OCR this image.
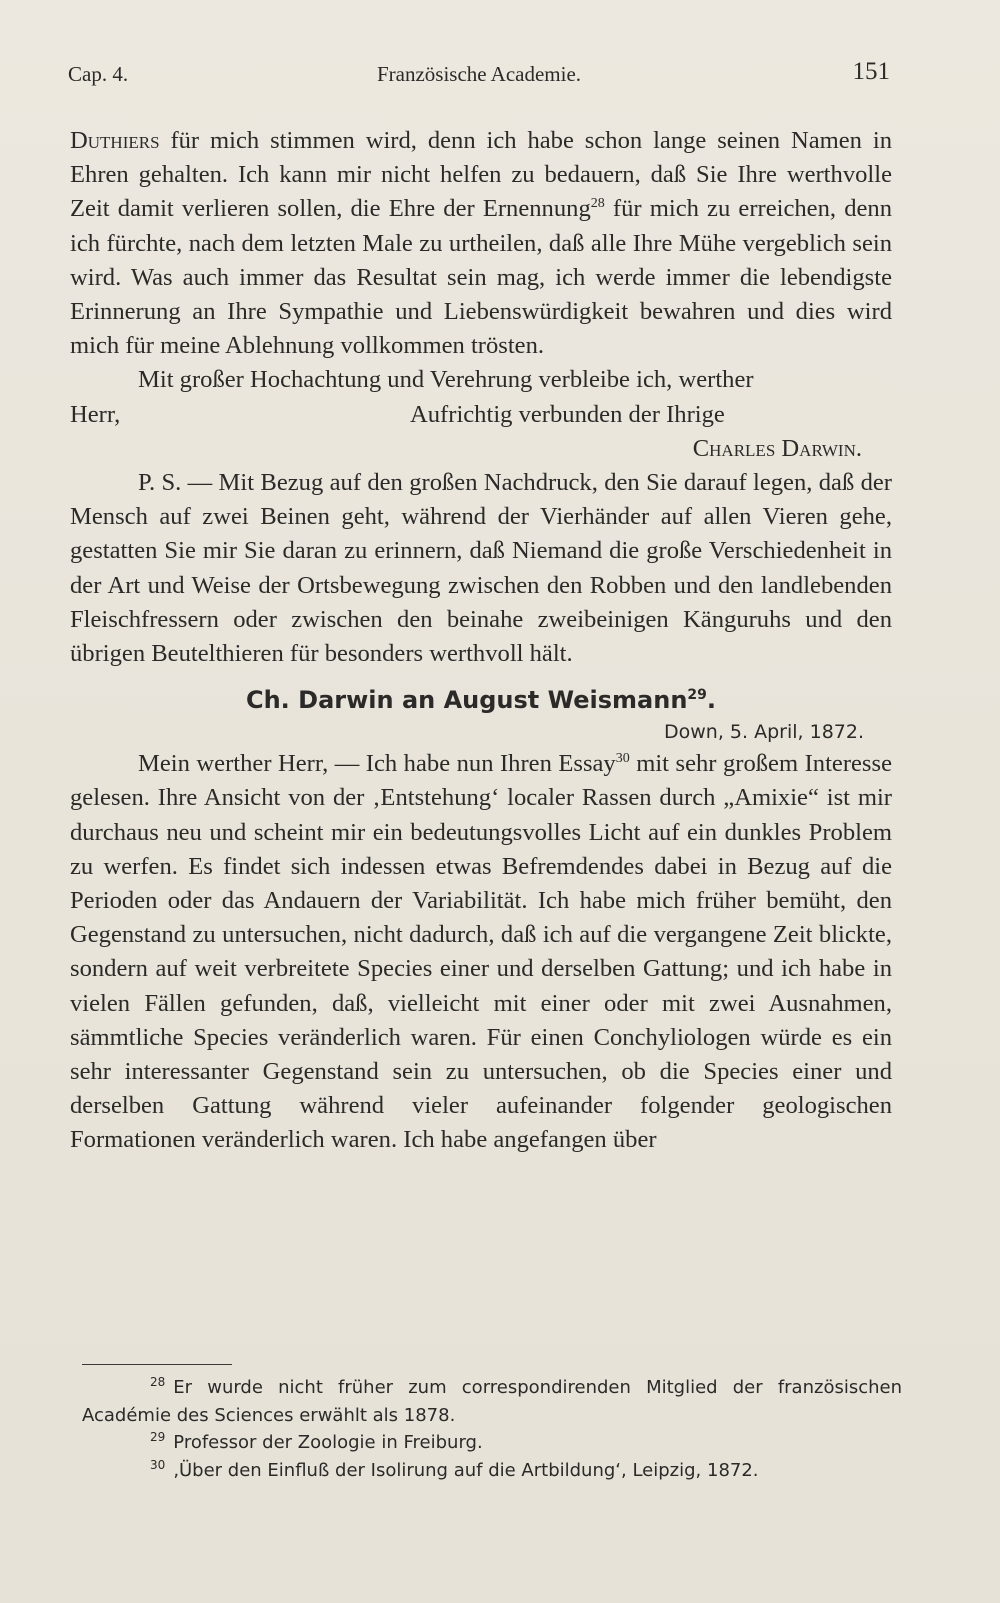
Cap. 4.	Französische Academie.	151

Duthiers für mich stimmen wird, denn ich habe schon lange seinen Namen in Ehren gehalten. Ich kann mir nicht helfen zu bedauern, daß Sie Ihre werthvolle Zeit damit verlieren sollen, die Ehre der Ernennung$^{28}$ für mich zu erreichen, denn ich fürchte, nach dem letzten Male zu urtheilen, daß alle Ihre Mühe vergeblich sein wird. Was auch immer das Resultat sein mag, ich werde immer die lebendigste Erinnerung an Ihre Sympathie und Liebenswürdigkeit bewahren und dies wird mich für meine Ablehnung vollkommen trösten.

Mit großer Hochachtung und Verehrung verbleibe ich, werther

Herr,	Aufrichtig verbunden der Ihrige
Charles Darwin.

P. S. — Mit Bezug auf den großen Nachdruck, den Sie darauf legen, daß der Mensch auf zwei Beinen geht, während der Vierhänder auf allen Vieren gehe, gestatten Sie mir Sie daran zu erinnern, daß Niemand die große Verschiedenheit in der Art und Weise der Ortsbewegung zwischen den Robben und den landlebenden Fleischfressern oder zwischen den beinahe zweibeinigen Känguruhs und den übrigen Beutelthieren für besonders werthvoll hält.

Ch. Darwin an August Weismann$^{29}$.
Down, 5. April, 1872.

Mein werther Herr, — Ich habe nun Ihren Essay$^{30}$ mit sehr großem Interesse gelesen. Ihre Ansicht von der ‚Entstehung‘ localer Rassen durch „Amixie“ ist mir durchaus neu und scheint mir ein bedeutungsvolles Licht auf ein dunkles Problem zu werfen. Es findet sich indessen etwas Befremdendes dabei in Bezug auf die Perioden oder das Andauern der Variabilität. Ich habe mich früher bemüht, den Gegenstand zu untersuchen, nicht dadurch, daß ich auf die vergangene Zeit blickte, sondern auf weit verbreitete Species einer und derselben Gattung; und ich habe in vielen Fällen gefunden, daß, vielleicht mit einer oder mit zwei Ausnahmen, sämmtliche Species veränderlich waren. Für einen Conchyliologen würde es ein sehr interessanter Gegenstand sein zu untersuchen, ob die Species einer und derselben Gattung während vieler aufeinander folgender geologischen Formationen veränderlich waren. Ich habe angefangen über

$^{28}$ Er wurde nicht früher zum correspondirenden Mitglied der französischen Académie des Sciences erwählt als 1878.

$^{29}$ Professor der Zoologie in Freiburg.

$^{30}$ ‚Über den Einfluß der Isolirung auf die Artbildung‘, Leipzig, 1872.
